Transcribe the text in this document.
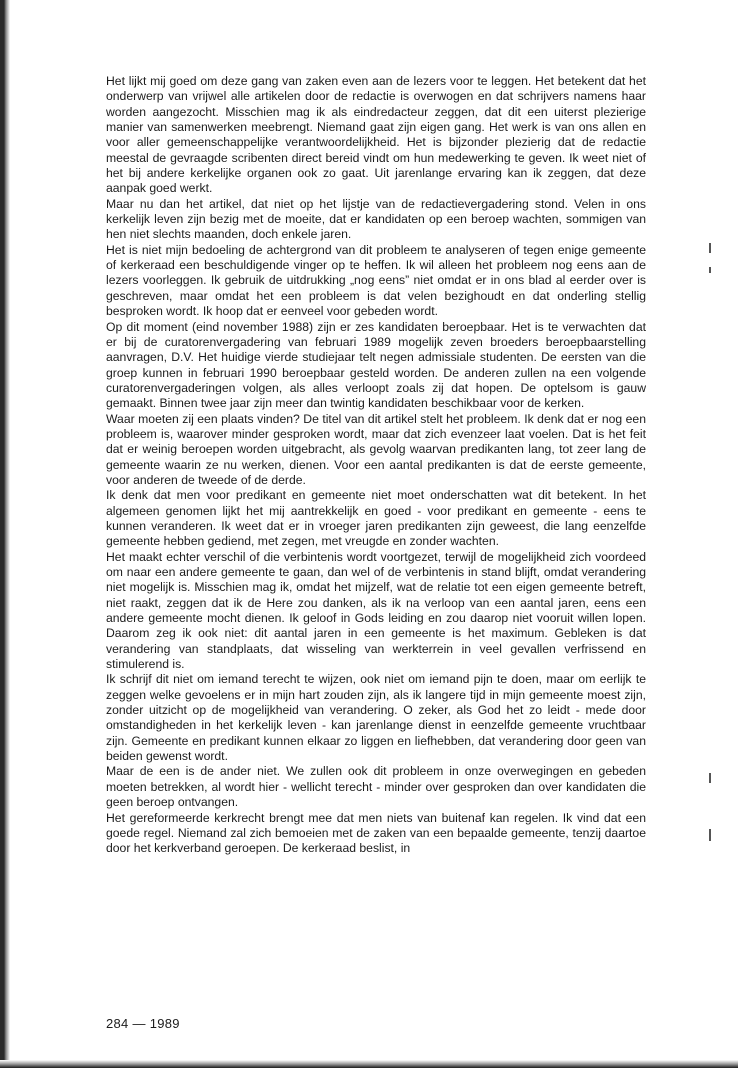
Het lijkt mij goed om deze gang van zaken even aan de lezers voor te leggen. Het betekent dat het onderwerp van vrijwel alle artikelen door de redactie is overwogen en dat schrijvers namens haar worden aangezocht. Misschien mag ik als eindredacteur zeggen, dat dit een uiterst plezierige manier van samenwerken meebrengt. Niemand gaat zijn eigen gang. Het werk is van ons allen en voor aller gemeenschappelijke verantwoordelijkheid. Het is bijzonder plezierig dat de redactie meestal de gevraagde scribenten direct bereid vindt om hun medewerking te geven. Ik weet niet of het bij andere kerkelijke organen ook zo gaat. Uit jarenlange ervaring kan ik zeggen, dat deze aanpak goed werkt.

Maar nu dan het artikel, dat niet op het lijstje van de redactievergadering stond. Velen in ons kerkelijk leven zijn bezig met de moeite, dat er kandidaten op een beroep wachten, sommigen van hen niet slechts maanden, doch enkele jaren.

Het is niet mijn bedoeling de achtergrond van dit probleem te analyseren of tegen enige gemeente of kerkeraad een beschuldigende vinger op te heffen. Ik wil alleen het probleem nog eens aan de lezers voorleggen. Ik gebruik de uitdrukking „nog eens” niet omdat er in ons blad al eerder over is geschreven, maar omdat het een probleem is dat velen bezighoudt en dat onderling stellig besproken wordt. Ik hoop dat er eenveel voor gebeden wordt.

Op dit moment (eind november 1988) zijn er zes kandidaten beroepbaar. Het is te verwachten dat er bij de curatorenvergadering van februari 1989 mogelijk zeven broeders beroepbaarstelling aanvragen, D.V. Het huidige vierde studiejaar telt negen admissiale studenten. De eersten van die groep kunnen in februari 1990 beroepbaar gesteld worden. De anderen zullen na een volgende curatorenvergaderingen volgen, als alles verloopt zoals zij dat hopen. De optelsom is gauw gemaakt. Binnen twee jaar zijn meer dan twintig kandidaten beschikbaar voor de kerken.

Waar moeten zij een plaats vinden? De titel van dit artikel stelt het probleem. Ik denk dat er nog een probleem is, waarover minder gesproken wordt, maar dat zich evenzeer laat voelen. Dat is het feit dat er weinig beroepen worden uitgebracht, als gevolg waarvan predikanten lang, tot zeer lang de gemeente waarin ze nu werken, dienen. Voor een aantal predikanten is dat de eerste gemeente, voor anderen de tweede of de derde.

Ik denk dat men voor predikant en gemeente niet moet onderschatten wat dit betekent. In het algemeen genomen lijkt het mij aantrekkelijk en goed - voor predikant en gemeente - eens te kunnen veranderen. Ik weet dat er in vroeger jaren predikanten zijn geweest, die lang eenzelfde gemeente hebben gediend, met zegen, met vreugde en zonder wachten.

Het maakt echter verschil of die verbintenis wordt voortgezet, terwijl de mogelijkheid zich voordeed om naar een andere gemeente te gaan, dan wel of de verbintenis in stand blijft, omdat verandering niet mogelijk is. Misschien mag ik, omdat het mijzelf, wat de relatie tot een eigen gemeente betreft, niet raakt, zeggen dat ik de Here zou danken, als ik na verloop van een aantal jaren, eens een andere gemeente mocht dienen. Ik geloof in Gods leiding en zou daarop niet vooruit willen lopen. Daarom zeg ik ook niet: dit aantal jaren in een gemeente is het maximum. Gebleken is dat verandering van standplaats, dat wisseling van werkterrein in veel gevallen verfrissend en stimulerend is.

Ik schrijf dit niet om iemand terecht te wijzen, ook niet om iemand pijn te doen, maar om eerlijk te zeggen welke gevoelens er in mijn hart zouden zijn, als ik langere tijd in mijn gemeente moest zijn, zonder uitzicht op de mogelijkheid van verandering. O zeker, als God het zo leidt - mede door omstandigheden in het kerkelijk leven - kan jarenlange dienst in eenzelfde gemeente vruchtbaar zijn. Gemeente en predikant kunnen elkaar zo liggen en liefhebben, dat verandering door geen van beiden gewenst wordt.

Maar de een is de ander niet. We zullen ook dit probleem in onze overwegingen en gebeden moeten betrekken, al wordt hier - wellicht terecht - minder over gesproken dan over kandidaten die geen beroep ontvangen.

Het gereformeerde kerkrecht brengt mee dat men niets van buitenaf kan regelen. Ik vind dat een goede regel. Niemand zal zich bemoeien met de zaken van een bepaalde gemeente, tenzij daartoe door het kerkverband geroepen. De kerkeraad beslist, in

284 — 1989
